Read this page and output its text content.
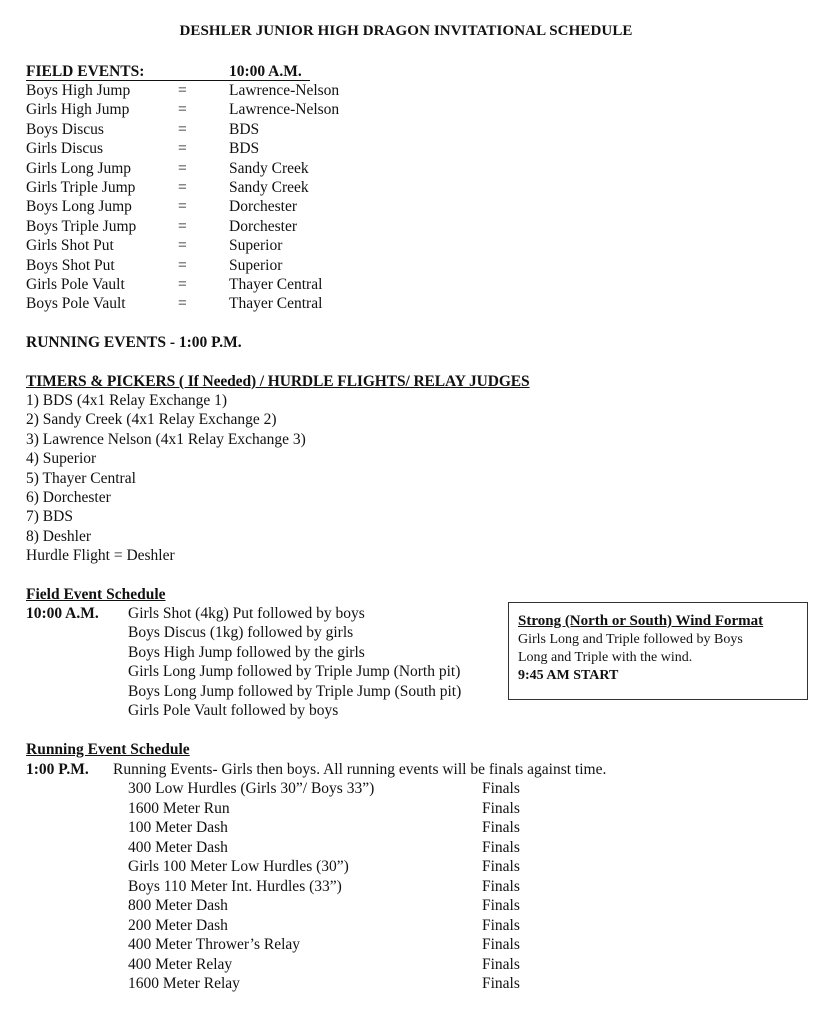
DESHLER JUNIOR HIGH DRAGON INVITATIONAL SCHEDULE
FIELD EVENTS:	10:00 A.M.
Boys High Jump	=	Lawrence-Nelson
Girls High Jump	=	Lawrence-Nelson
Boys Discus	=	BDS
Girls Discus	=	BDS
Girls Long Jump	=	Sandy Creek
Girls Triple Jump	=	Sandy Creek
Boys Long Jump	=	Dorchester
Boys Triple Jump	=	Dorchester
Girls Shot Put	=	Superior
Boys Shot Put	=	Superior
Girls Pole Vault	=	Thayer Central
Boys Pole Vault	=	Thayer Central
RUNNING EVENTS - 1:00 P.M.
TIMERS & PICKERS ( If Needed) / HURDLE FLIGHTS/ RELAY JUDGES
1) BDS (4x1 Relay Exchange 1)
2) Sandy Creek (4x1 Relay Exchange 2)
3) Lawrence Nelson (4x1 Relay Exchange 3)
4) Superior
5) Thayer Central
6) Dorchester
7) BDS
8) Deshler
Hurdle Flight = Deshler
Field Event Schedule
10:00 A.M. Girls Shot (4kg) Put followed by boys
Boys Discus (1kg) followed by girls
Boys High Jump followed by the girls
Girls Long Jump followed by Triple Jump (North pit)
Boys Long Jump followed by Triple Jump (South pit)
Girls Pole Vault followed by boys
Strong (North or South) Wind Format
Girls Long and Triple followed by Boys
Long and Triple with the wind.
9:45 AM START
Running Event Schedule
1:00 P.M. Running Events- Girls then boys. All running events will be finals against time.
300 Low Hurdles (Girls 30”/ Boys 33”)	Finals
1600 Meter Run	Finals
100 Meter Dash	Finals
400 Meter Dash	Finals
Girls 100 Meter Low Hurdles (30”)	Finals
Boys 110 Meter Int. Hurdles (33”)	Finals
800 Meter Dash	Finals
200 Meter Dash	Finals
400 Meter Thrower’s Relay	Finals
400 Meter Relay	Finals
1600 Meter Relay	Finals
